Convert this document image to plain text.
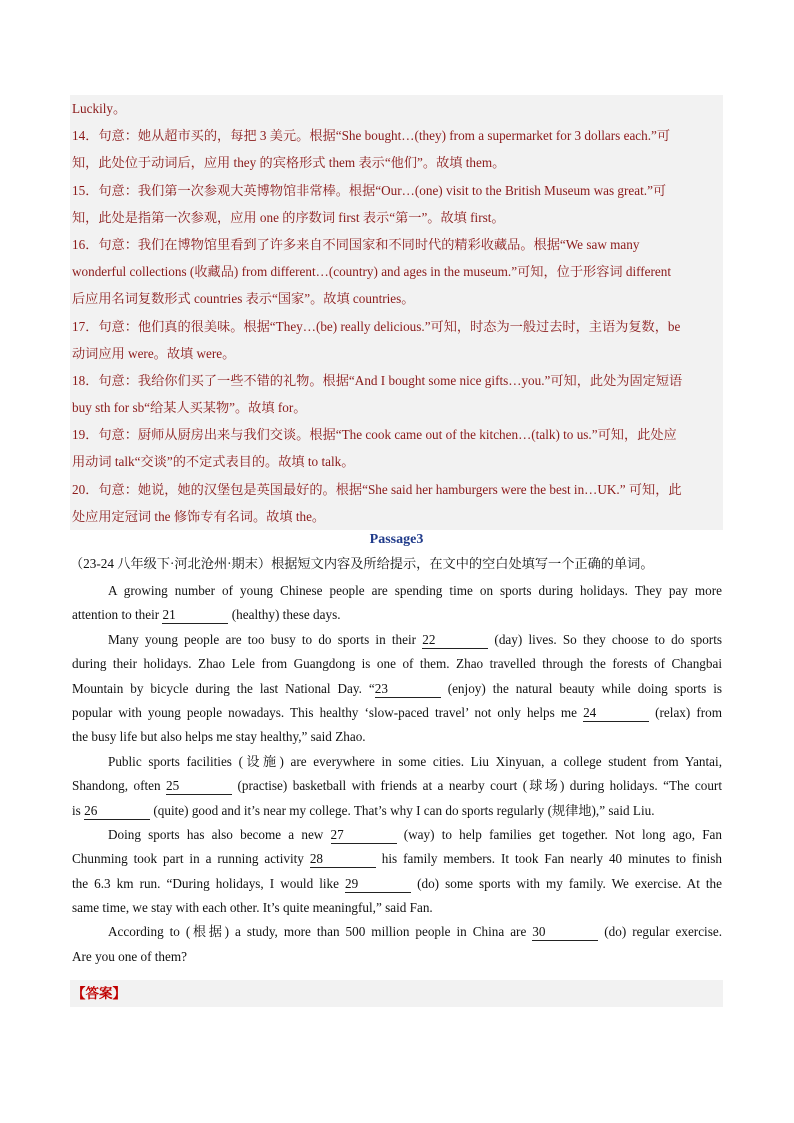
Luckily。
14．句意：她从超市买的，每把 3 美元。根据“She bought…(they) from a supermarket for 3 dollars each.”可
知，此处位于动词后，应用 they 的宾格形式 them 表示“他们”。故填 them。
15．句意：我们第一次参观大英博物馆非常棒。根据“Our…(one) visit to the British Museum was great.”可
知，此处是指第一次参观，应用 one 的序数词 first 表示“第一”。故填 first。
16．句意：我们在博物馆里看到了许多来自不同国家和不同时代的精彩收藏品。根据“We saw many
wonderful collections (收藏品) from different…(country) and ages in the museum.”可知，位于形容词 different
后应用名词复数形式 countries 表示“国家”。故填 countries。
17．句意：他们真的很美味。根据“They…(be) really delicious.”可知，时态为一般过去时，主语为复数，be
动词应用 were。故填 were。
18．句意：我给你们买了一些不错的礼物。根据“And I bought some nice gifts…you.”可知，此处为固定短语
buy sth for sb“给某人买某物”。故填 for。
19．句意：厨师从厨房出来与我们交谈。根据“The cook came out of the kitchen…(talk) to us.”可知，此处应
用动词 talk“交谈”的不定式表目的。故填 to talk。
20．句意：她说，她的汉堡包是英国最好的。根据“She said her hamburgers were the best in…UK.” 可知，此
处应用定冠词 the 修饰专有名词。故填 the。
Passage3
（23-24 八年级下·河北沧州·期末）根据短文内容及所给提示，在文中的空白处填写一个正确的单词。
A growing number of young Chinese people are spending time on sports during holidays. They pay more
attention to their 21	(healthy) these days.
Many young people are too busy to do sports in their 22	(day) lives. So they choose to do sports
during their holidays. Zhao Lele from Guangdong is one of them. Zhao travelled through the forests of Changbai
Mountain by bicycle during the last National Day. “23	(enjoy) the natural beauty while doing sports is
popular with young people nowadays. This healthy ‘slow-paced travel’ not only helps me 24	(relax) from
the busy life but also helps me stay healthy,” said Zhao.
Public sports facilities (设施) are everywhere in some cities. Liu Xinyuan, a college student from Yantai,
Shandong, often 25	(practise) basketball with friends at a nearby court (球场) during holidays. “The court
is 26	(quite) good and it’s near my college. That’s why I can do sports regularly (规律地),” said Liu.
Doing sports has also become a new 27	(way) to help families get together. Not long ago, Fan
Chunming took part in a running activity 28	his family members. It took Fan nearly 40 minutes to finish
the 6.3 km run. “During holidays, I would like 29	(do) some sports with my family. We exercise. At the
same time, we stay with each other. It’s quite meaningful,” said Fan.
According to (根据) a study, more than 500 million people in China are 30	(do) regular exercise.
Are you one of them?
【答案】
